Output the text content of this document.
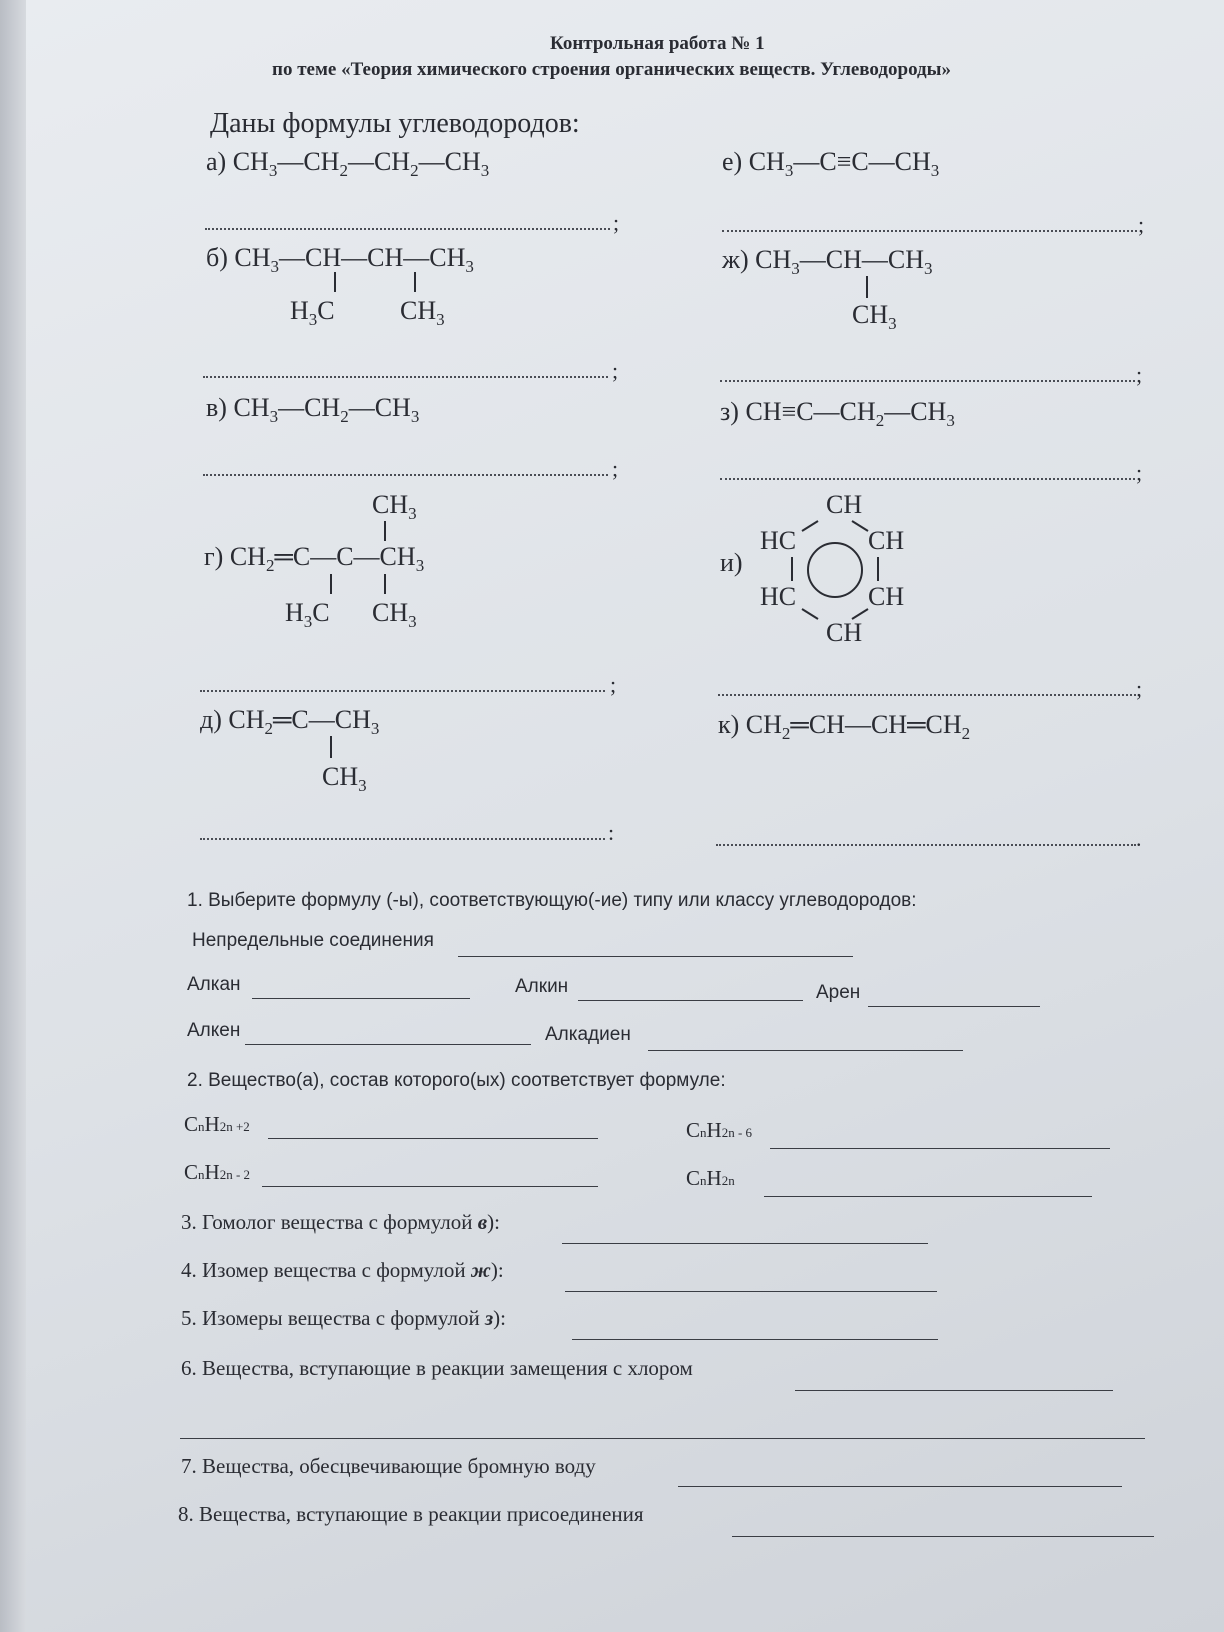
Контрольная работа № 1
по теме «Теория химического строения органических веществ. Углеводороды»
Даны формулы углеводородов:
а) $CH_3—CH_2—CH_2—CH_3$
;
б) $CH_3—CH—CH—CH_3$
$H_3C$	$CH_3$
;
в) $CH_3—CH_2—CH_3$
;
$CH_3$
г) $CH_2═C—C—CH_3$
$H_3C$ $CH_3$
;
д) $CH_2═C—CH_3$
$CH_3$
:
е) $CH_3—C\equiv C—CH_3$
;
ж) $CH_3—CH—CH_3$
$CH_3$
;
з) $CH\equiv C—CH_2—CH_3$
;
и)
CH
HC	CH
HC	CH
CH
;
к) $CH_2═CH—CH═CH_2$
.
1. Выберите формулу (-ы), соответствующую(-ие) типу или классу углеводородов:
Непредельные соединения
Алкан	Алкин	Арен
Алкен	Алкадиен
2. Вещество(а), состав которого(ых) соответствует формуле:
CnH2n +2	CnH2n - 6
CnH2n - 2	CnH2n
3. Гомолог вещества с формулой в):
4. Изомер вещества с формулой ж):
5. Изомеры вещества с формулой з):
6. Вещества, вступающие в реакции замещения с хлором
7. Вещества, обесцвечивающие бромную воду
8. Вещества, вступающие в реакции присоединения
